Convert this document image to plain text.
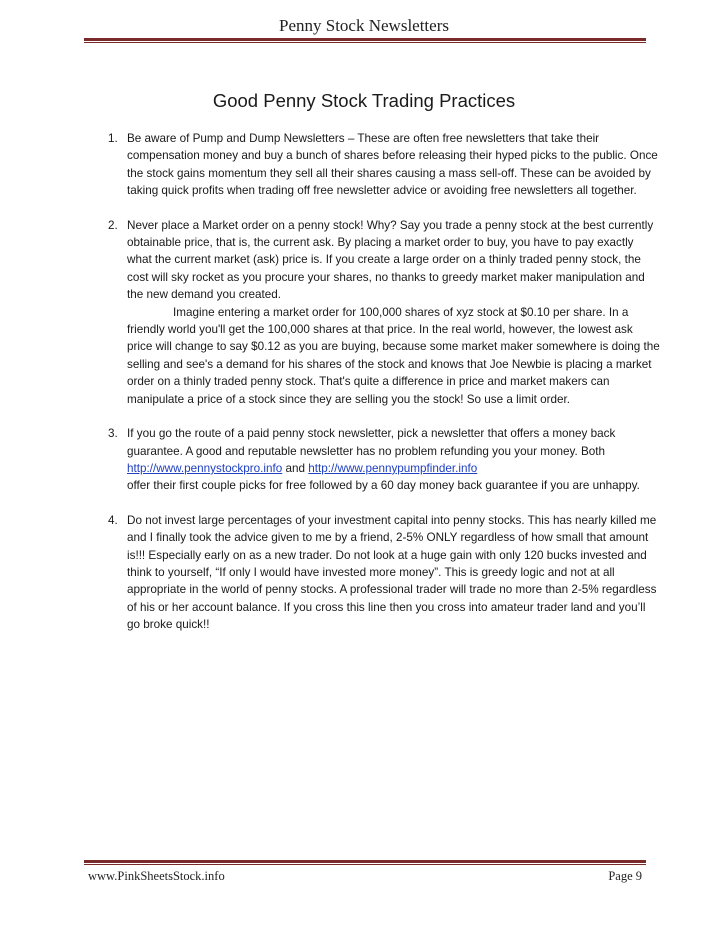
Penny Stock Newsletters
Good Penny Stock Trading Practices
1. Be aware of Pump and Dump Newsletters – These are often free newsletters that take their compensation money and buy a bunch of shares before releasing their hyped picks to the public. Once the stock gains momentum they sell all their shares causing a mass sell-off. These can be avoided by taking quick profits when trading off free newsletter advice or avoiding free newsletters all together.
2. Never place a Market order on a penny stock! Why? Say you trade a penny stock at the best currently obtainable price, that is, the current ask. By placing a market order to buy, you have to pay exactly what the current market (ask) price is. If you create a large order on a thinly traded penny stock, the cost will sky rocket as you procure your shares, no thanks to greedy market maker manipulation and the new demand you created.
Imagine entering a market order for 100,000 shares of xyz stock at $0.10 per share. In a friendly world you'll get the 100,000 shares at that price. In the real world, however, the lowest ask price will change to say $0.12 as you are buying, because some market maker somewhere is doing the selling and see's a demand for his shares of the stock and knows that Joe Newbie is placing a market order on a thinly traded penny stock. That's quite a difference in price and market makers can manipulate a price of a stock since they are selling you the stock! So use a limit order.
3. If you go the route of a paid penny stock newsletter, pick a newsletter that offers a money back guarantee. A good and reputable newsletter has no problem refunding you your money. Both
http://www.pennystockpro.info and http://www.pennypumpfinder.info
offer their first couple picks for free followed by a 60 day money back guarantee if you are unhappy.
4. Do not invest large percentages of your investment capital into penny stocks. This has nearly killed me and I finally took the advice given to me by a friend, 2-5% ONLY regardless of how small that amount is!!! Especially early on as a new trader. Do not look at a huge gain with only 120 bucks invested and think to yourself, “If only I would have invested more money”. This is greedy logic and not at all appropriate in the world of penny stocks. A professional trader will trade no more than 2-5% regardless of his or her account balance. If you cross this line then you cross into amateur trader land and you’ll go broke quick!!
www.PinkSheetsStock.info	Page 9
